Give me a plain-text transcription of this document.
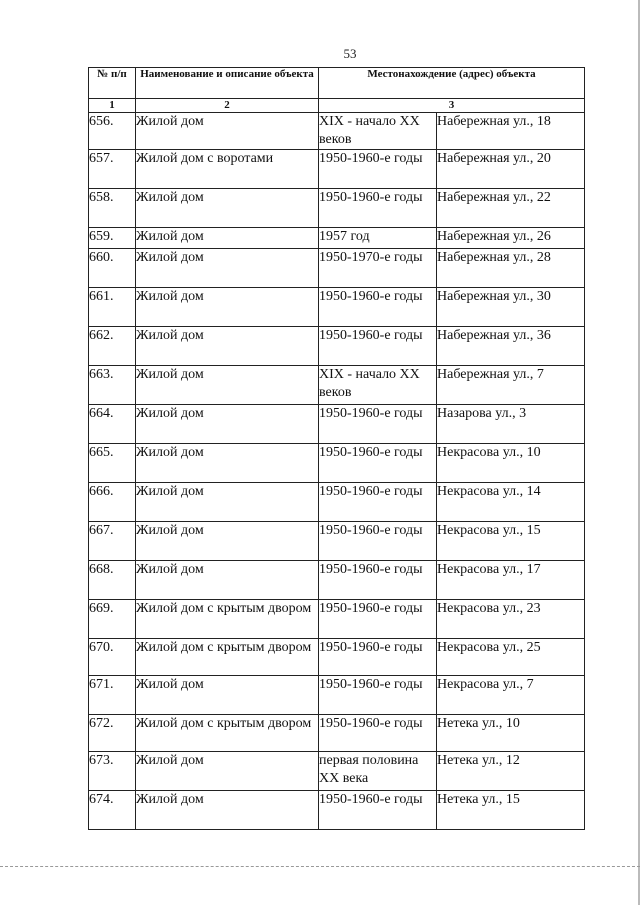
53
№ п/п	Наименование и описание объекта	Местонахождение (адрес) объекта	
1	2	3	
656.	Жилой дом	XIX - начало XX веков	Набережная ул., 18
657.	Жилой дом с воротами	1950-1960-е годы	Набережная ул., 20
658.	Жилой дом	1950-1960-е годы	Набережная ул., 22
659.	Жилой дом	1957 год	Набережная ул., 26
660.	Жилой дом	1950-1970-е годы	Набережная ул., 28
661.	Жилой дом	1950-1960-е годы	Набережная ул., 30
662.	Жилой дом	1950-1960-е годы	Набережная ул., 36
663.	Жилой дом	XIX - начало XX веков	Набережная ул., 7
664.	Жилой дом	1950-1960-е годы	Назарова ул., 3
665.	Жилой дом	1950-1960-е годы	Некрасова ул., 10
666.	Жилой дом	1950-1960-е годы	Некрасова ул., 14
667.	Жилой дом	1950-1960-е годы	Некрасова ул., 15
668.	Жилой дом	1950-1960-е годы	Некрасова ул., 17
669.	Жилой дом с крытым двором	1950-1960-е годы	Некрасова ул., 23
670.	Жилой дом с крытым двором	1950-1960-е годы	Некрасова ул., 25
671.	Жилой дом	1950-1960-е годы	Некрасова ул., 7
672.	Жилой дом с крытым двором	1950-1960-е годы	Нетека ул., 10
673.	Жилой дом	первая половина XX века	Нетека ул., 12
674.	Жилой дом	1950-1960-е годы	Нетека ул., 15
